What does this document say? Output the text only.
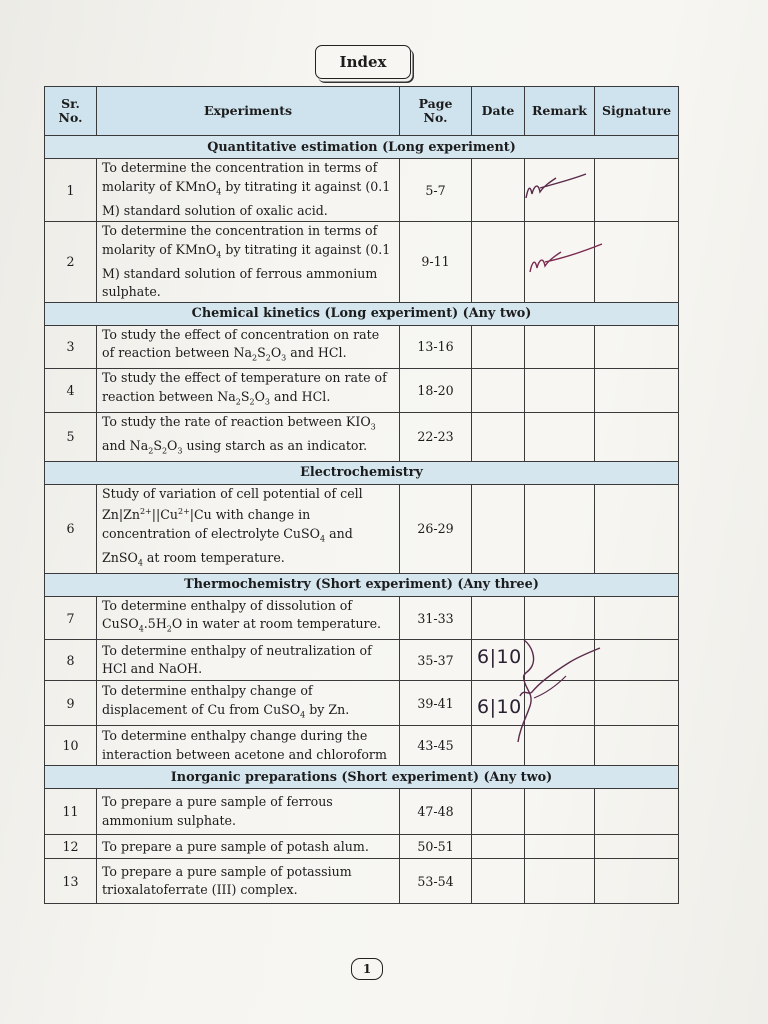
Index
Sr. No.	Experiments	Page No.	Date	Remark	Signature
Quantitative estimation (Long experiment)					
1	To determine the concentration in terms of molarity of KMnO$_4$ by titrating it against (0.1 M) standard solution of oxalic acid.	5-7			
2	To determine the concentration in terms of molarity of KMnO$_4$ by titrating it against (0.1 M) standard solution of ferrous ammonium sulphate.	9-11			
Chemical kinetics (Long experiment) (Any two)					
3	To study the effect of concentration on rate of reaction between $Na_2S_2O_3$ and HCl.	13-16			
4	To study the effect of temperature on rate of reaction between $Na_2S_2O_3$ and HCl.	18-20			
5	To study the rate of reaction between $KIO_3$ and $Na_2S_2O_3$ using starch as an indicator.	22-23			
Electrochemistry					
6	Study of variation of cell potential of cell $Zn|Zn^{2+}||Cu^{2+}|Cu$ with change in concentration of electrolyte CuSO$_4$ and ZnSO$_4$ at room temperature.	26-29			
Thermochemistry (Short experiment) (Any three)					
7	To determine enthalpy of dissolution of $CuSO_4.5H_2O$ in water at room temperature.	31-33			
8	To determine enthalpy of neutralization of HCl and NaOH.	35-37			
9	To determine enthalpy change of displacement of Cu from CuSO$_4$ by Zn.	39-41			
10	To determine enthalpy change during the interaction between acetone and chloroform	43-45			
Inorganic preparations (Short experiment) (Any two)					
11	To prepare a pure sample of ferrous ammonium sulphate.	47-48			
12	To prepare a pure sample of potash alum.	50-51			
13	To prepare a pure sample of potassium trioxalatoferrate (III) complex.	53-54			
6|10
6|10
1
